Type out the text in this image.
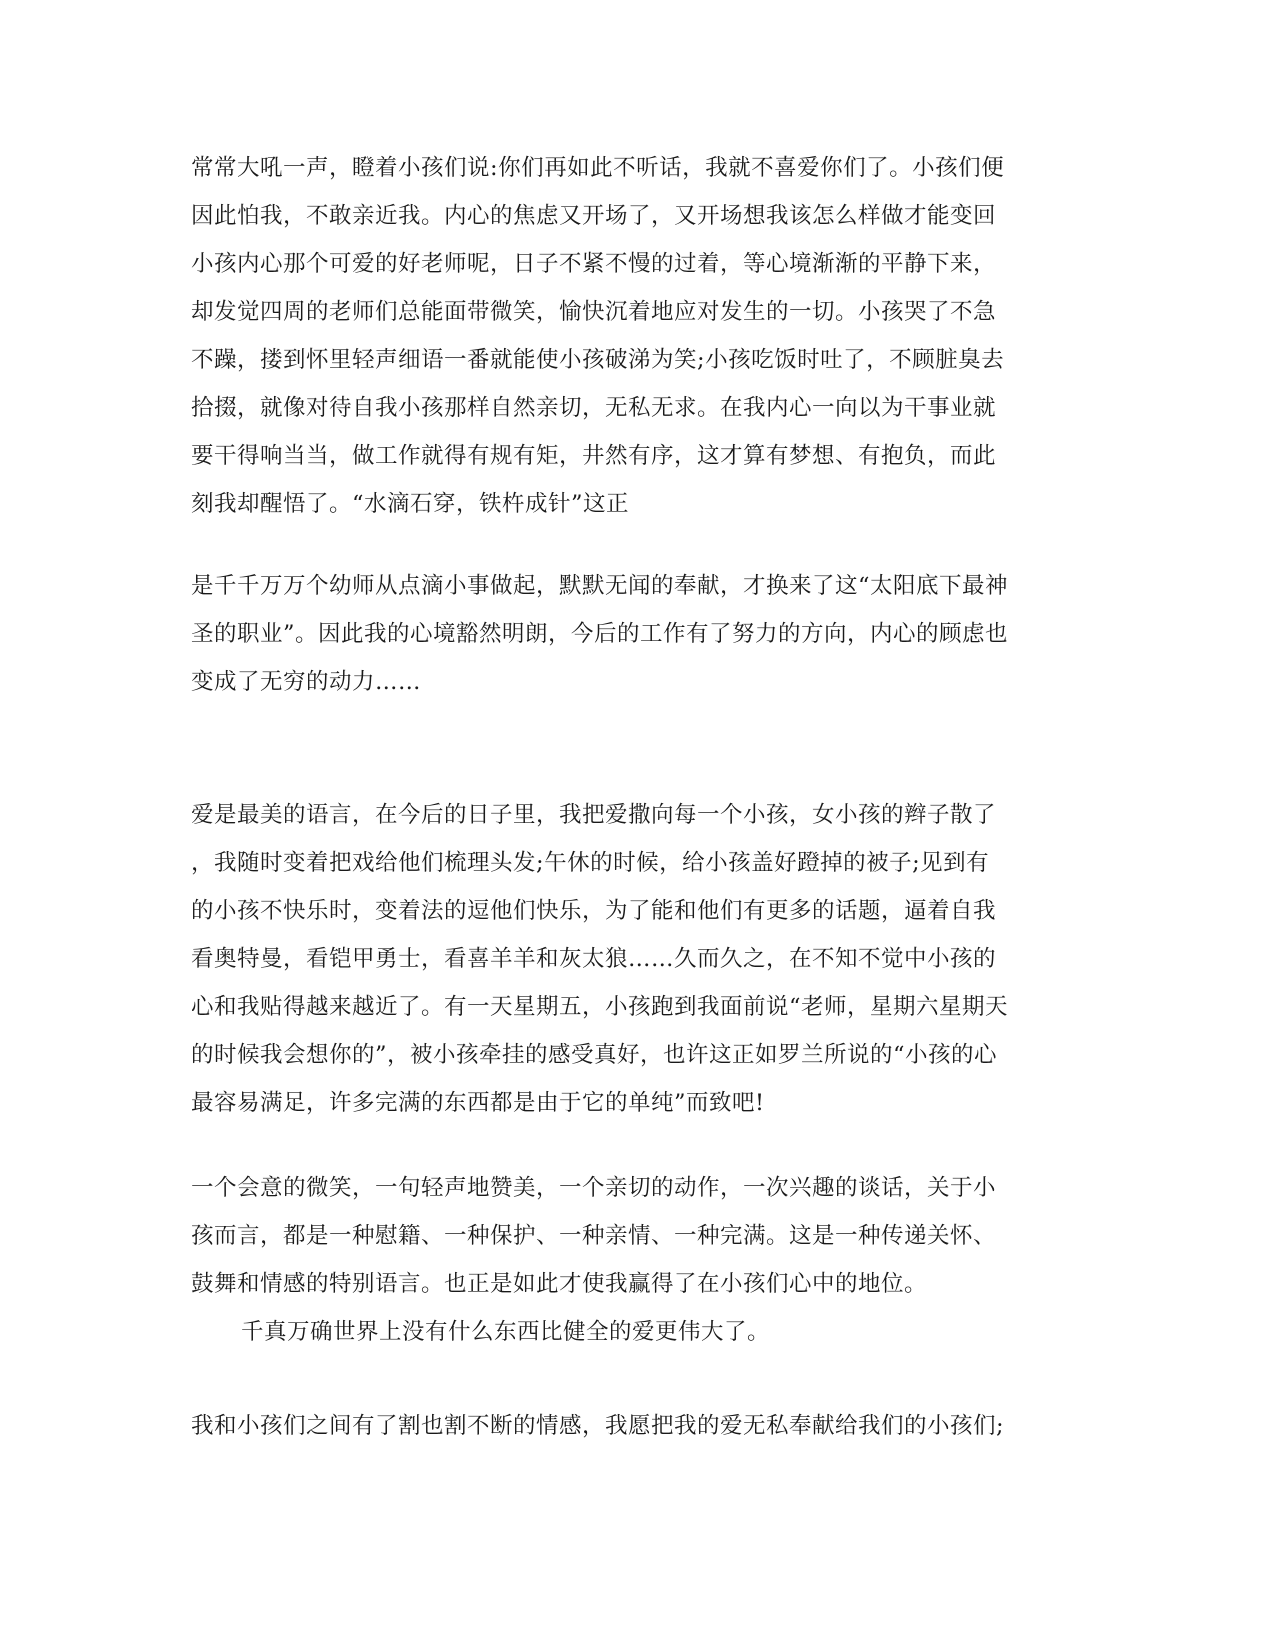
常常大吼一声，瞪着小孩们说:你们再如此不听话，我就不喜爱你们了。小孩们便
因此怕我，不敢亲近我。内心的焦虑又开场了，又开场想我该怎么样做才能变回
小孩内心那个可爱的好老师呢，日子不紧不慢的过着，等心境渐渐的平静下来，
却发觉四周的老师们总能面带微笑，愉快沉着地应对发生的一切。小孩哭了不急
不躁，搂到怀里轻声细语一番就能使小孩破涕为笑;小孩吃饭时吐了，不顾脏臭去
拾掇，就像对待自我小孩那样自然亲切，无私无求。在我内心一向以为干事业就
要干得响当当，做工作就得有规有矩，井然有序，这才算有梦想、有抱负，而此
刻我却醒悟了。“水滴石穿，铁杵成针”这正
是千千万万个幼师从点滴小事做起，默默无闻的奉献，才换来了这“太阳底下最神
圣的职业”。因此我的心境豁然明朗，今后的工作有了努力的方向，内心的顾虑也
变成了无穷的动力……
爱是最美的语言，在今后的日子里，我把爱撒向每一个小孩，女小孩的辫子散了
，我随时变着把戏给他们梳理头发;午休的时候，给小孩盖好蹬掉的被子;见到有
的小孩不快乐时，变着法的逗他们快乐，为了能和他们有更多的话题，逼着自我
看奥特曼，看铠甲勇士，看喜羊羊和灰太狼……久而久之，在不知不觉中小孩的
心和我贴得越来越近了。有一天星期五，小孩跑到我面前说“老师，星期六星期天
的时候我会想你的”，被小孩牵挂的感受真好，也许这正如罗兰所说的“小孩的心
最容易满足，许多完满的东西都是由于它的单纯”而致吧!
一个会意的微笑，一句轻声地赞美，一个亲切的动作，一次兴趣的谈话，关于小
孩而言，都是一种慰籍、一种保护、一种亲情、一种完满。这是一种传递关怀、
鼓舞和情感的特别语言。也正是如此才使我赢得了在小孩们心中的地位。
千真万确世界上没有什么东西比健全的爱更伟大了。
我和小孩们之间有了割也割不断的情感，我愿把我的爱无私奉献给我们的小孩们;
